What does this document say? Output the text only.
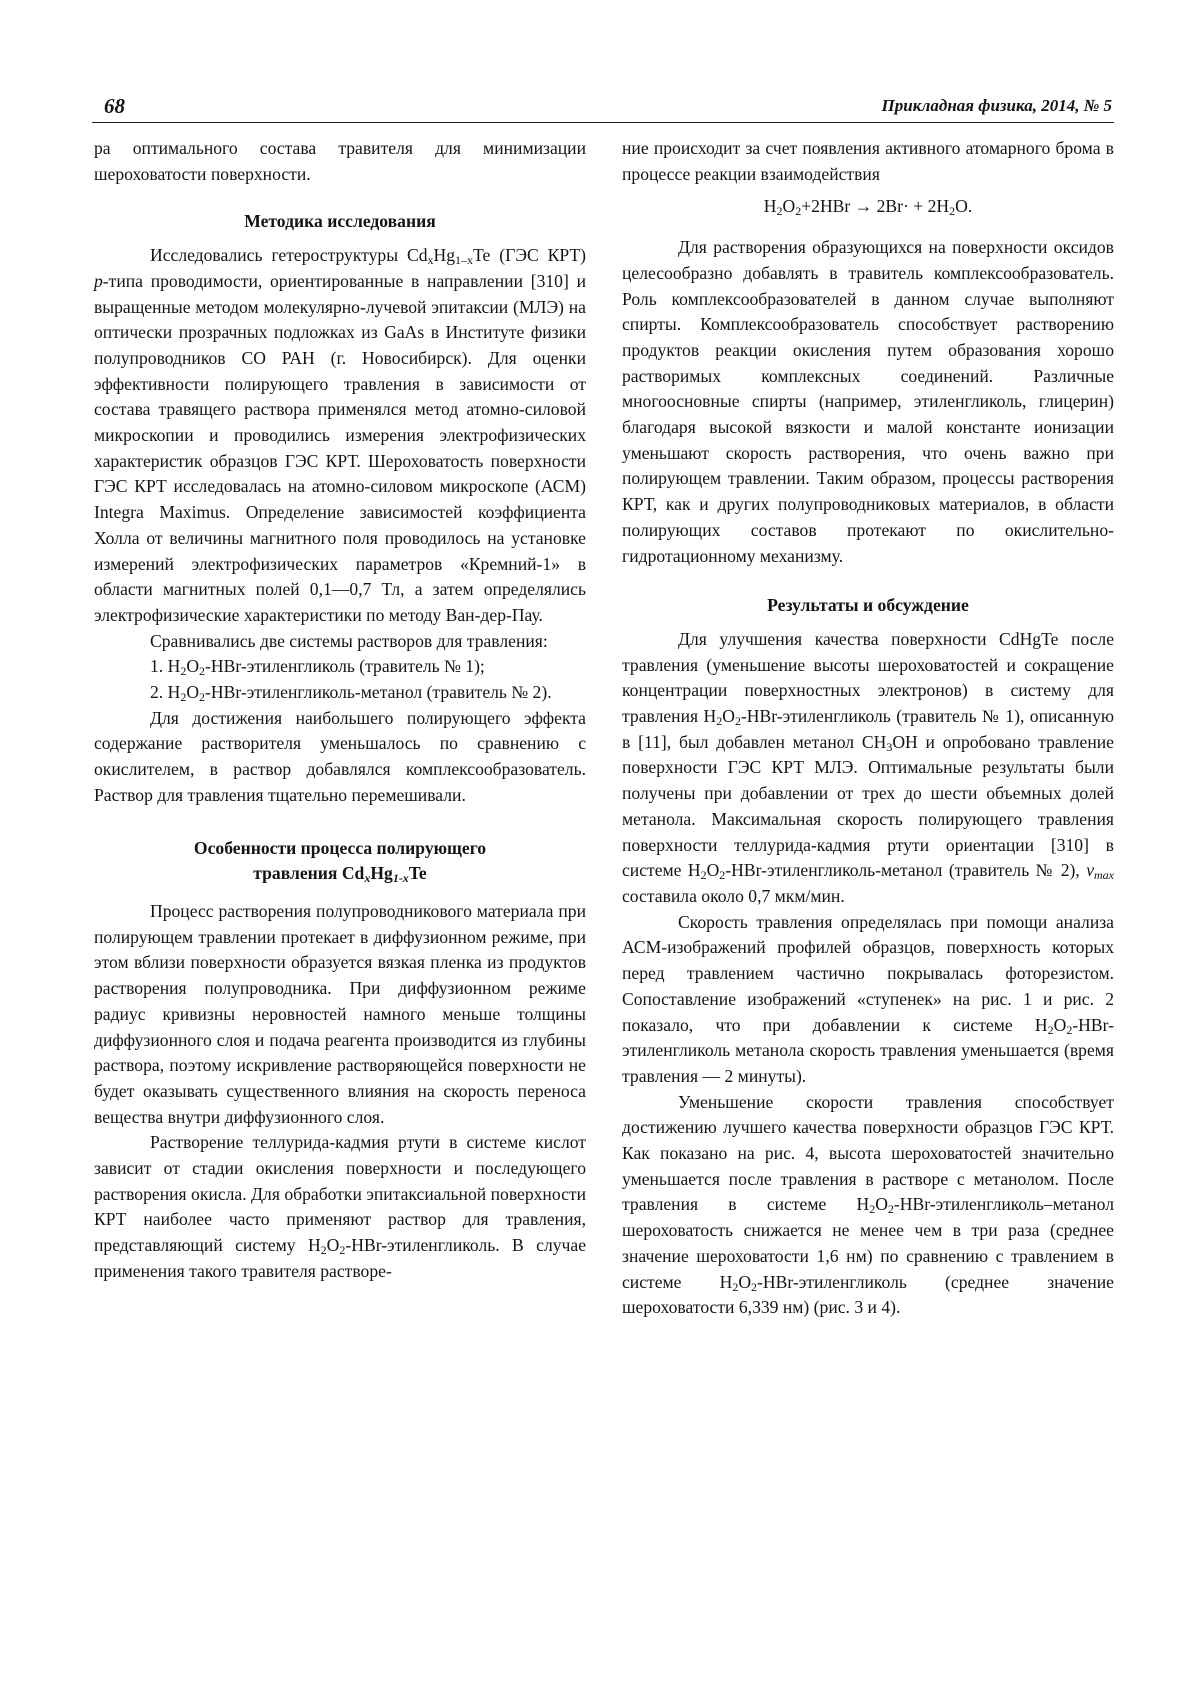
68	Прикладная физика, 2014, № 5

ра оптимального состава травителя для минимизации шероховатости поверхности.

Методика исследования

Исследовались гетероструктуры $Cd_xHg_{1-x}Te$ (ГЭС КРТ) p-типа проводимости, ориентированные в направлении [310] и выращенные методом молекулярно-лучевой эпитаксии (МЛЭ) на оптически прозрачных подложках из GaAs в Институте физики полупроводников СО РАН (г. Новосибирск). Для оценки эффективности полирующего травления в зависимости от состава травящего раствора применялся метод атомно-силовой микроскопии и проводились измерения электрофизических характеристик образцов ГЭС КРТ. Шероховатость поверхности ГЭС КРТ исследовалась на атомно-силовом микроскопе (АСМ) Integra Maximus. Определение зависимостей коэффициента Холла от величины магнитного поля проводилось на установке измерений электрофизических параметров «Кремний-1» в области магнитных полей 0,1—0,7 Тл, а затем определялись электрофизические характеристики по методу Ван-дер-Пау.

Сравнивались две системы растворов для травления:

1. $H_2O_2-HBr$-этиленгликоль (травитель № 1);

2. $H_2O_2-HBr-этиленгликоль$-метанол (травитель № 2).

Для достижения наибольшего полирующего эффекта содержание растворителя уменьшалось по сравнению с окислителем, в раствор добавлялся комплексообразователь. Раствор для травления тщательно перемешивали.

Особенности процесса полирующего
травления $Cd_xHg_{1-x}Te$

Процесс растворения полупроводникового материала при полирующем травлении протекает в диффузионном режиме, при этом вблизи поверхности образуется вязкая пленка из продуктов растворения полупроводника. При диффузионном режиме радиус кривизны неровностей намного меньше толщины диффузионного слоя и подача реагента производится из глубины раствора, поэтому искривление растворяющейся поверхности не будет оказывать существенного влияния на скорость переноса вещества внутри диффузионного слоя.

Растворение теллурида-кадмия ртути в системе кислот зависит от стадии окисления поверхности и последующего растворения окисла. Для обработки эпитаксиальной поверхности КРТ наиболее часто применяют раствор для травления, представляющий систему $H_2O_2-HBr$-этиленгликоль. В случае применения такого травителя растворе-

ние происходит за счет появления активного атомарного брома в процессе реакции взаимодействия

$H_2O_2+2HBr \to 2Br\cdot + 2H_2O$.

Для растворения образующихся на поверхности оксидов целесообразно добавлять в травитель комплексообразователь. Роль комплексообразователей в данном случае выполняют спирты. Комплексообразователь способствует растворению продуктов реакции окисления путем образования хорошо растворимых комплексных соединений. Различные многоосновные спирты (например, этиленгликоль, глицерин) благодаря высокой вязкости и малой константе ионизации уменьшают скорость растворения, что очень важно при полирующем травлении. Таким образом, процессы растворения КРТ, как и других полупроводниковых материалов, в области полирующих составов протекают по окислительно-гидротационному механизму.

Результаты и обсуждение

Для улучшения качества поверхности CdHgTe после травления (уменьшение высоты шероховатостей и сокращение концентрации поверхностных электронов) в систему для травления $H_2O_2-HBr$-этиленгликоль (травитель № 1), описанную в [11], был добавлен метанол $CH_3OH$ и опробовано травление поверхности ГЭС КРТ МЛЭ. Оптимальные результаты были получены при добавлении от трех до шести объемных долей метанола. Максимальная скорость полирующего травления поверхности теллурида-кадмия ртути ориентации [310] в системе $H_2O_2-HBr-этиленгликоль$-метанол (травитель № 2), $v_{max}$ составила около 0,7 мкм/мин.

Скорость травления определялась при помощи анализа АСМ-изображений профилей образцов, поверхность которых перед травлением частично покрывалась фоторезистом. Сопоставление изображений «ступенек» на рис. 1 и рис. 2 показало, что при добавлении к системе $H_2O_2-HBr$-этиленгликоль метанола скорость травления уменьшается (время травления — 2 минуты).

Уменьшение скорости травления способствует достижению лучшего качества поверхности образцов ГЭС КРТ. Как показано на рис. 4, высота шероховатостей значительно уменьшается после травления в растворе с метанолом. После травления в системе $H_2O_2-HBr-этиленгликоль$–метанол шероховатость снижается не менее чем в три раза (среднее значение шероховатости 1,6 нм) по сравнению с травлением в системе $H_2O_2-HBr$-этиленгликоль (среднее значение шероховатости 6,339 нм) (рис. 3 и 4).
